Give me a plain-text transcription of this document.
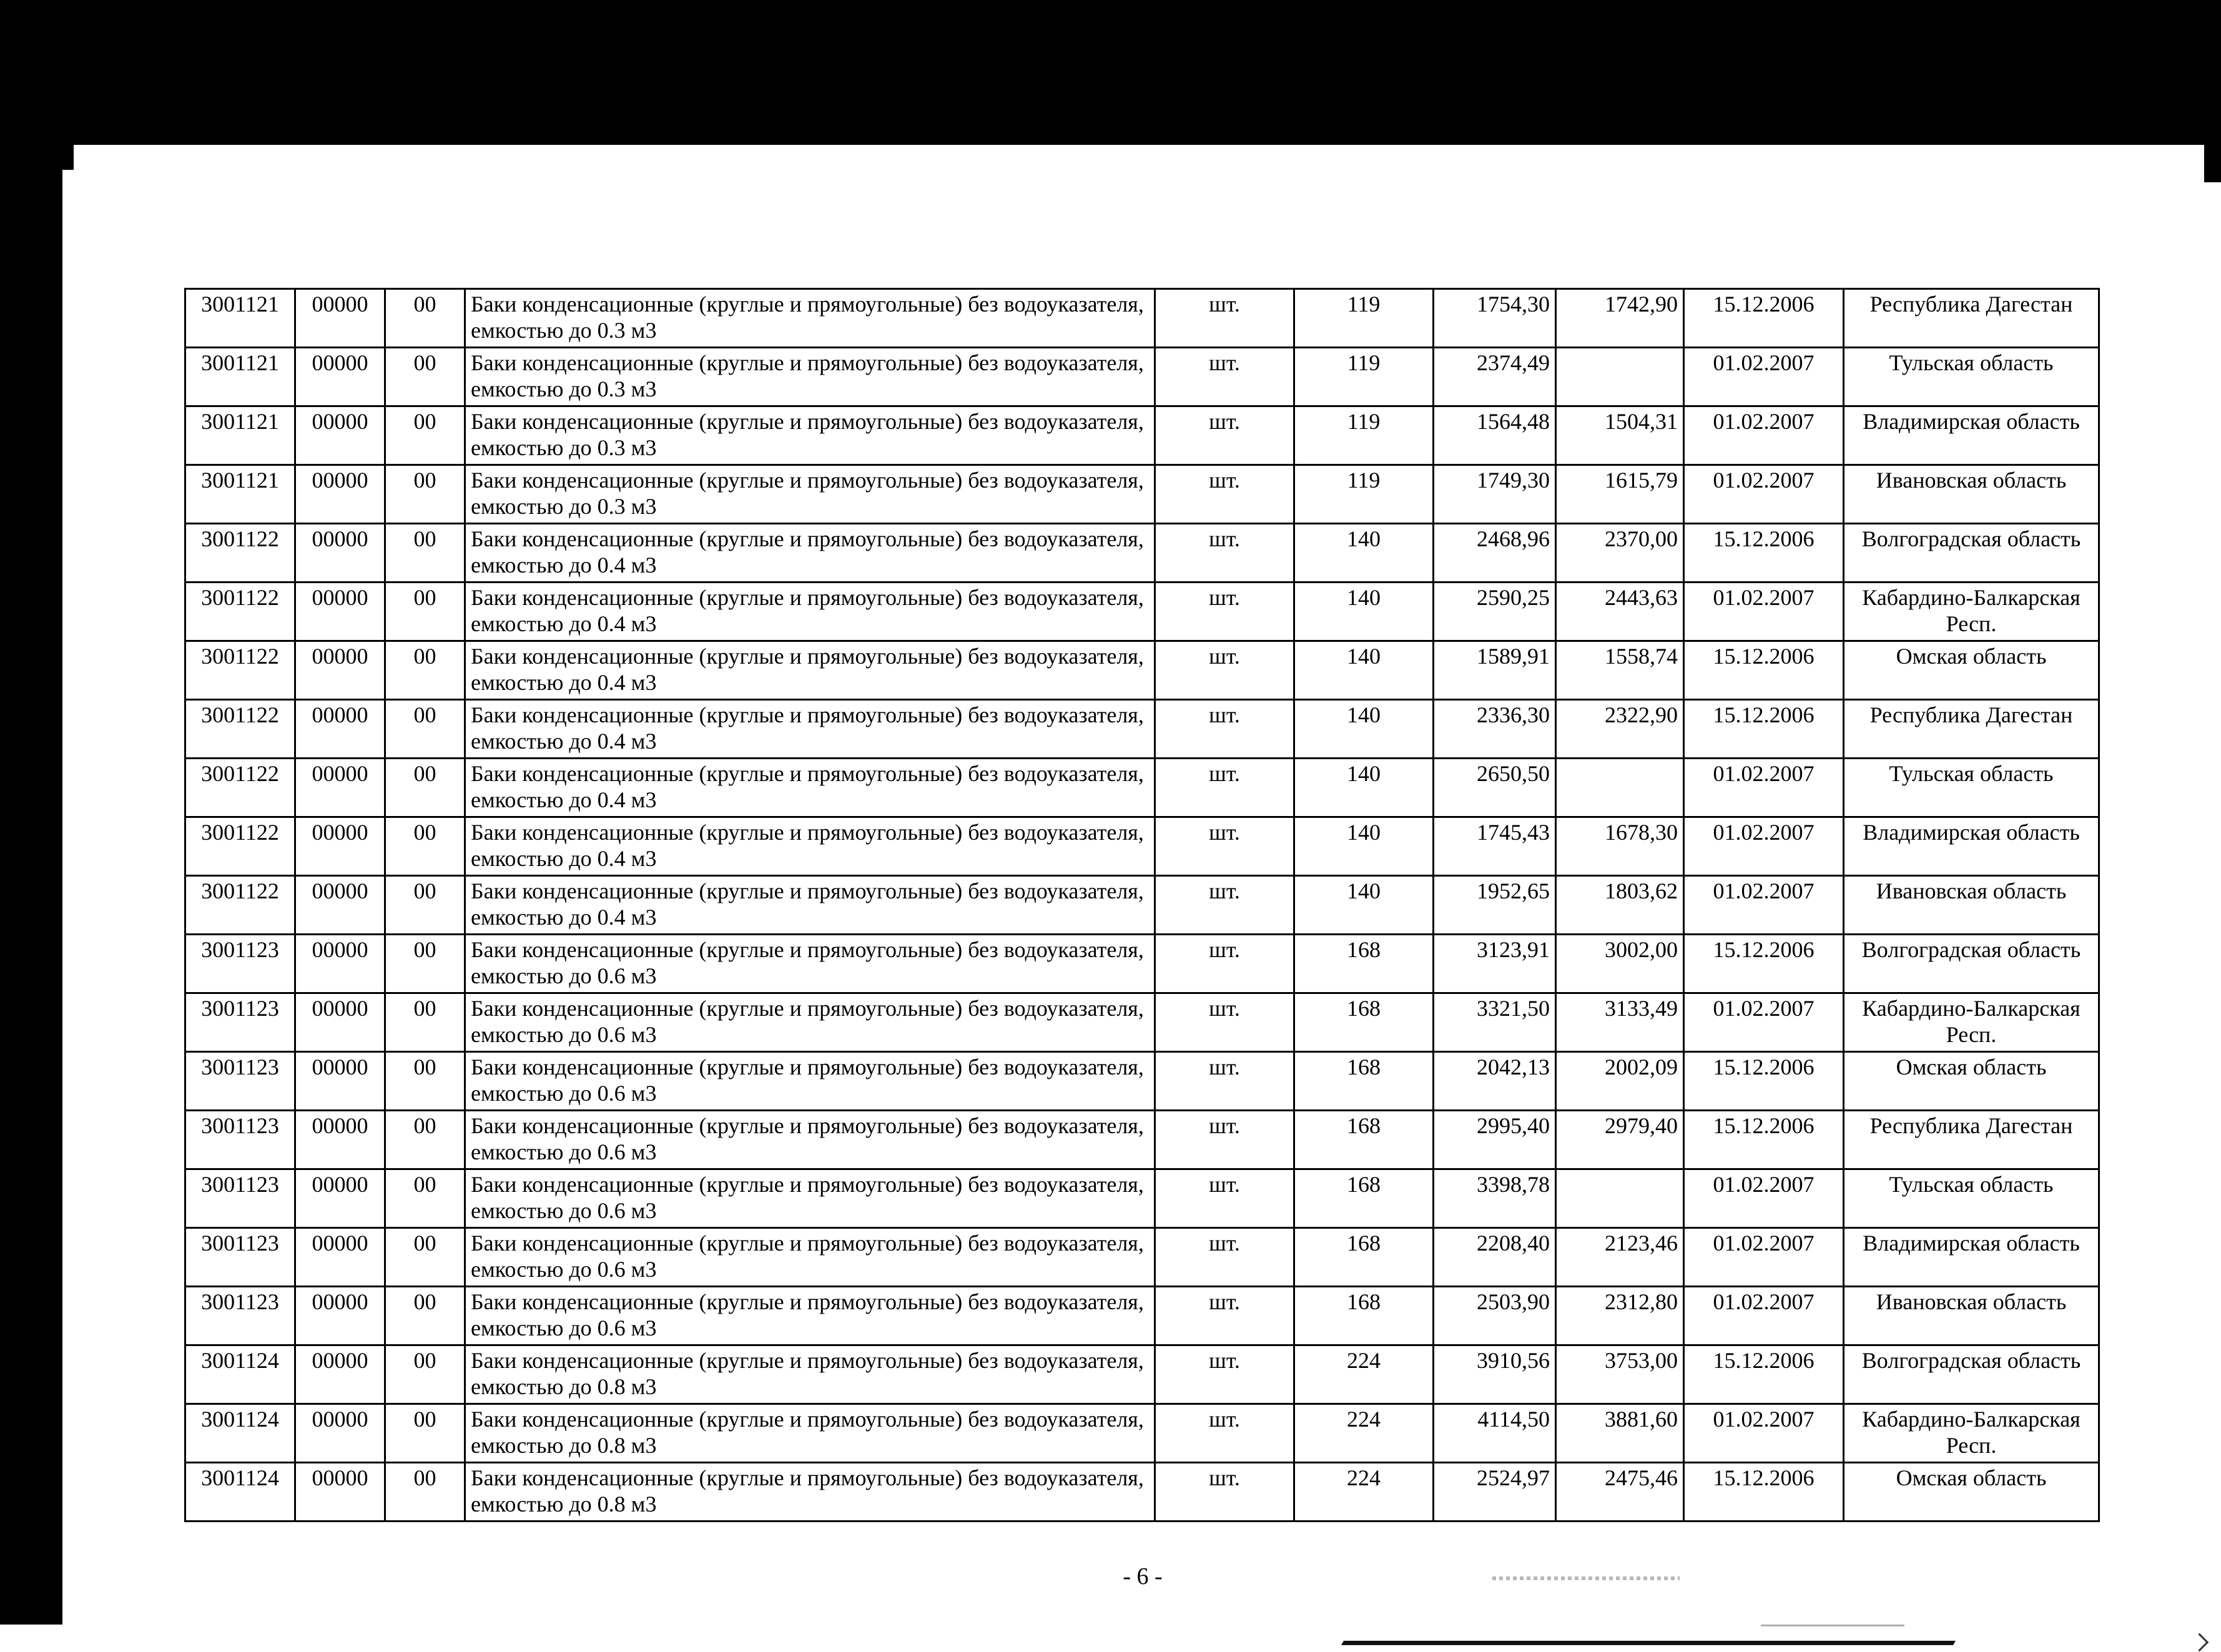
3001121	00000	00	Баки конденсационные (круглые и прямоугольные) без водоуказателя, емкостью до 0.3 м3	шт.	119	1754,30	1742,90	15.12.2006	Республика Дагестан
3001121	00000	00	Баки конденсационные (круглые и прямоугольные) без водоуказателя, емкостью до 0.3 м3	шт.	119	2374,49		01.02.2007	Тульская область
3001121	00000	00	Баки конденсационные (круглые и прямоугольные) без водоуказателя, емкостью до 0.3 м3	шт.	119	1564,48	1504,31	01.02.2007	Владимирская область
3001121	00000	00	Баки конденсационные (круглые и прямоугольные) без водоуказателя, емкостью до 0.3 м3	шт.	119	1749,30	1615,79	01.02.2007	Ивановская область
3001122	00000	00	Баки конденсационные (круглые и прямоугольные) без водоуказателя, емкостью до 0.4 м3	шт.	140	2468,96	2370,00	15.12.2006	Волгоградская область
3001122	00000	00	Баки конденсационные (круглые и прямоугольные) без водоуказателя, емкостью до 0.4 м3	шт.	140	2590,25	2443,63	01.02.2007	Кабардино-Балкарская Респ.
3001122	00000	00	Баки конденсационные (круглые и прямоугольные) без водоуказателя, емкостью до 0.4 м3	шт.	140	1589,91	1558,74	15.12.2006	Омская область
3001122	00000	00	Баки конденсационные (круглые и прямоугольные) без водоуказателя, емкостью до 0.4 м3	шт.	140	2336,30	2322,90	15.12.2006	Республика Дагестан
3001122	00000	00	Баки конденсационные (круглые и прямоугольные) без водоуказателя, емкостью до 0.4 м3	шт.	140	2650,50		01.02.2007	Тульская область
3001122	00000	00	Баки конденсационные (круглые и прямоугольные) без водоуказателя, емкостью до 0.4 м3	шт.	140	1745,43	1678,30	01.02.2007	Владимирская область
3001122	00000	00	Баки конденсационные (круглые и прямоугольные) без водоуказателя, емкостью до 0.4 м3	шт.	140	1952,65	1803,62	01.02.2007	Ивановская область
3001123	00000	00	Баки конденсационные (круглые и прямоугольные) без водоуказателя, емкостью до 0.6 м3	шт.	168	3123,91	3002,00	15.12.2006	Волгоградская область
3001123	00000	00	Баки конденсационные (круглые и прямоугольные) без водоуказателя, емкостью до 0.6 м3	шт.	168	3321,50	3133,49	01.02.2007	Кабардино-Балкарская Респ.
3001123	00000	00	Баки конденсационные (круглые и прямоугольные) без водоуказателя, емкостью до 0.6 м3	шт.	168	2042,13	2002,09	15.12.2006	Омская область
3001123	00000	00	Баки конденсационные (круглые и прямоугольные) без водоуказателя, емкостью до 0.6 м3	шт.	168	2995,40	2979,40	15.12.2006	Республика Дагестан
3001123	00000	00	Баки конденсационные (круглые и прямоугольные) без водоуказателя, емкостью до 0.6 м3	шт.	168	3398,78		01.02.2007	Тульская область
3001123	00000	00	Баки конденсационные (круглые и прямоугольные) без водоуказателя, емкостью до 0.6 м3	шт.	168	2208,40	2123,46	01.02.2007	Владимирская область
3001123	00000	00	Баки конденсационные (круглые и прямоугольные) без водоуказателя, емкостью до 0.6 м3	шт.	168	2503,90	2312,80	01.02.2007	Ивановская область
3001124	00000	00	Баки конденсационные (круглые и прямоугольные) без водоуказателя, емкостью до 0.8 м3	шт.	224	3910,56	3753,00	15.12.2006	Волгоградская область
3001124	00000	00	Баки конденсационные (круглые и прямоугольные) без водоуказателя, емкостью до 0.8 м3	шт.	224	4114,50	3881,60	01.02.2007	Кабардино-Балкарская Респ.
3001124	00000	00	Баки конденсационные (круглые и прямоугольные) без водоуказателя, емкостью до 0.8 м3	шт.	224	2524,97	2475,46	15.12.2006	Омская область
- 6 -
